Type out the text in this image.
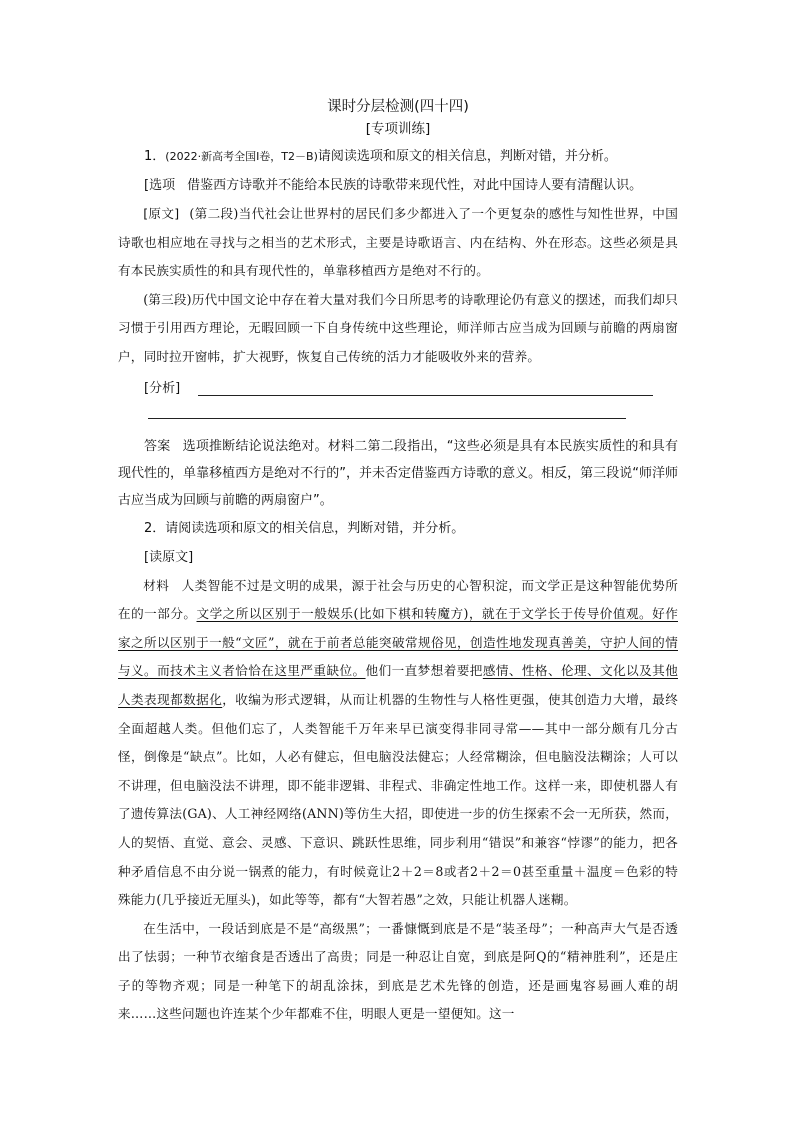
课时分层检测(四十四)

[专项训练]

1．(2022·新高考全国Ⅰ卷，T2－B)请阅读选项和原文的相关信息，判断对错，并分析。

[选项 借鉴西方诗歌并不能给本民族的诗歌带来现代性，对此中国诗人要有清醒认识。

[原文] (第二段)当代社会让世界村的居民们多少都进入了一个更复杂的感性与知性世界，中国诗歌也相应地在寻找与之相当的艺术形式，主要是诗歌语言、内在结构、外在形态。这些必须是具有本民族实质性的和具有现代性的，单靠移植西方是绝对不行的。

(第三段)历代中国文论中存在着大量对我们今日所思考的诗歌理论仍有意义的摆述，而我们却只习惯于引用西方理论，无暇回顾一下自身传统中这些理论，师洋师古应当成为回顾与前瞻的两扇窗户，同时拉开窗帏，扩大视野，恢复自己传统的活力才能吸收外来的营养。

[分析]

答案 选项推断结论说法绝对。材料二第二段指出，“这些必须是具有本民族实质性的和具有现代性的，单靠移植西方是绝对不行的”，并未否定借鉴西方诗歌的意义。相反，第三段说“师洋师古应当成为回顾与前瞻的两扇窗户”。

2．请阅读选项和原文的相关信息，判断对错，并分析。

[读原文]

材料 人类智能不过是文明的成果，源于社会与历史的心智积淀，而文学正是这种智能优势所在的一部分。文学之所以区别于一般娱乐(比如下棋和转魔方)，就在于文学长于传导价值观。好作家之所以区别于一般“文匠”，就在于前者总能突破常规俗见，创造性地发现真善美，守护人间的情与义。而技术主义者恰恰在这里严重缺位。他们一直梦想着要把感情、性格、伦理、文化以及其他人类表现都数据化，收编为形式逻辑，从而让机器的生物性与人格性更强，使其创造力大增，最终全面超越人类。但他们忘了，人类智能千万年来早已演变得非同寻常——其中一部分颇有几分古怪，倒像是“缺点”。比如，人必有健忘，但电脑没法健忘；人经常糊涂，但电脑没法糊涂；人可以不讲理，但电脑没法不讲理，即不能非逻辑、非程式、非确定性地工作。这样一来，即使机器人有了遗传算法(GA)、人工神经网络(ANN)等仿生大招，即使进一步的仿生探索不会一无所获，然而，人的契悟、直觉、意会、灵感、下意识、跳跃性思维，同步利用“错误”和兼容“悖谬”的能力，把各种矛盾信息不由分说一锅煮的能力，有时候竟让2＋2＝8或者2＋2＝0甚至重量＋温度＝色彩的特殊能力(几乎接近无厘头)，如此等等，都有“大智若愚”之效，只能让机器人迷糊。

在生活中，一段话到底是不是“高级黑”；一番慷慨到底是不是“装圣母”；一种高声大气是否透出了怯弱；一种节衣缩食是否透出了高贵；同是一种忍让自宽，到底是阿Q的“精神胜利”，还是庄子的等物齐观；同是一种笔下的胡乱涂抹，到底是艺术先锋的创造，还是画鬼容易画人难的胡来……这些问题也许连某个少年都难不住，明眼人更是一望便知。这一
